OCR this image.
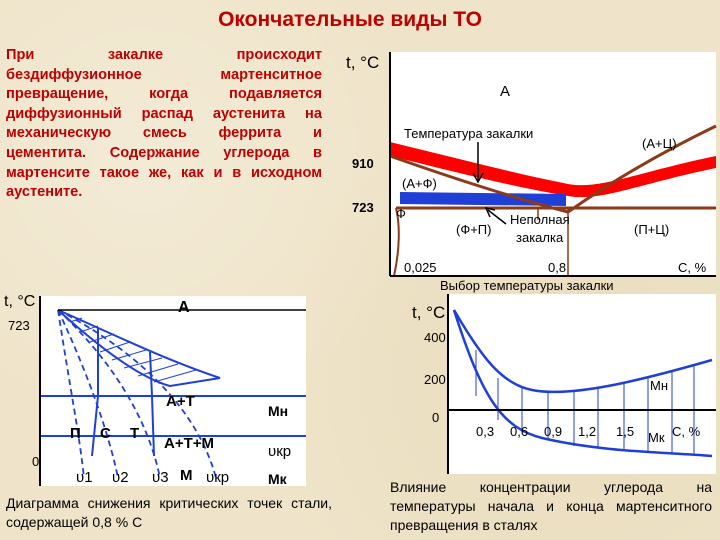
Окончательные виды ТО
При закалке происходит бездиффузионное мартенситное превращение, когда подавляется диффузионный распад аустенита на механическую смесь феррита и цементита. Содержание углерода в мартенсите такое же, как и в исходном аустените.
t, °C
910
723
0,025	0,8	C, %
А
(А+Ц)
(А+Ф)
Ф
(Ф+П)	(П+Ц)
Температура закалки
Неполная
закалка
Выбор температуры закалки
t, °C
723
0
А
А+Т
П С Т
А+Т+М
М
Мн
Мк
υкр
υ1 υ2 υ3 υкр
t, °C
400
200
0
0,3 0,6 0,9 1,2 1,5	C, %
Мн
Мк
Диаграмма снижения критических точек стали, содержащей 0,8 % С
Влияние концентрации углерода на температуры начала и конца мартенситного превращения в сталях
